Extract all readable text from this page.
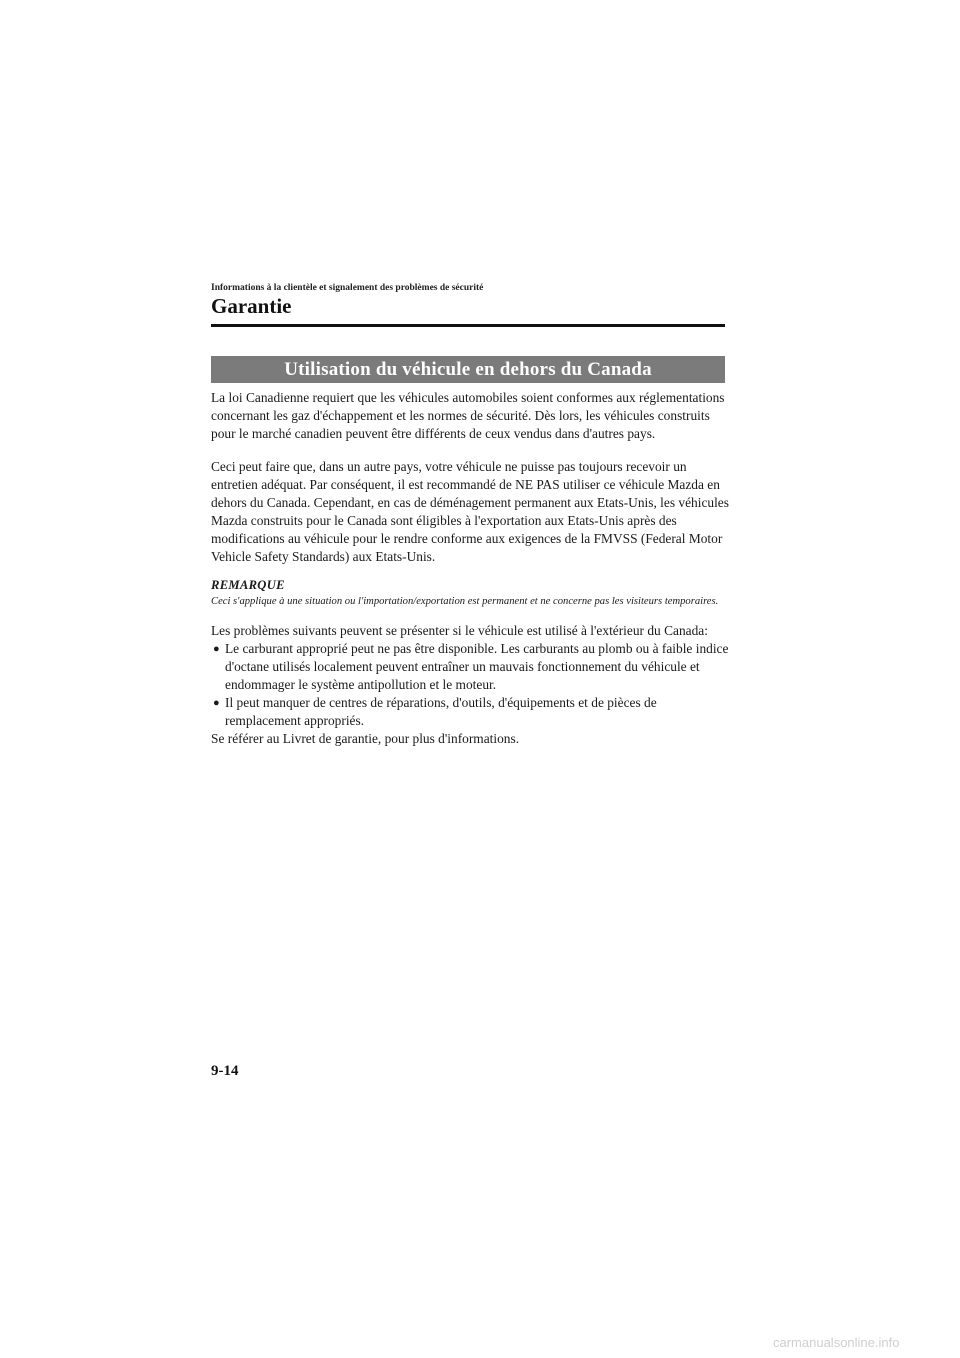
Informations à la clientèle et signalement des problèmes de sécurité
Garantie
Utilisation du véhicule en dehors du Canada

La loi Canadienne requiert que les véhicules automobiles soient conformes aux réglementations concernant les gaz d'échappement et les normes de sécurité. Dès lors, les véhicules construits pour le marché canadien peuvent être différents de ceux vendus dans d'autres pays.

Ceci peut faire que, dans un autre pays, votre véhicule ne puisse pas toujours recevoir un entretien adéquat. Par conséquent, il est recommandé de NE PAS utiliser ce véhicule Mazda en dehors du Canada. Cependant, en cas de déménagement permanent aux Etats-Unis, les véhicules Mazda construits pour le Canada sont éligibles à l'exportation aux Etats-Unis après des modifications au véhicule pour le rendre conforme aux exigences de la FMVSS (Federal Motor Vehicle Safety Standards) aux Etats-Unis.

REMARQUE

Ceci s'applique à une situation ou l'importation/exportation est permanent et ne concerne pas les visiteurs temporaires.

Les problèmes suivants peuvent se présenter si le véhicule est utilisé à l'extérieur du Canada:

● Le carburant approprié peut ne pas être disponible. Les carburants au plomb ou à faible indice d'octane utilisés localement peuvent entraîner un mauvais fonctionnement du véhicule et endommager le système antipollution et le moteur.
● Il peut manquer de centres de réparations, d'outils, d'équipements et de pièces de remplacement appropriés.

Se référer au Livret de garantie, pour plus d'informations.

9-14
carmanualsonline.info
